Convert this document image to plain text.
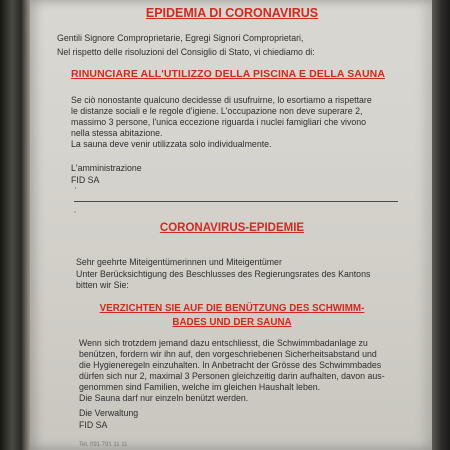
EPIDEMIA DI CORONAVIRUS
Gentili Signore Comproprietarie, Egregi Signori Comproprietari,
Nel rispetto delle risoluzioni del Consiglio di Stato, vi chiediamo di:
RINUNCIARE ALL'UTILIZZO DELLA PISCINA E DELLA SAUNA
Se ciò nonostante qualcuno decidesse di usufruirne, lo esortiamo a rispettare
le distanze sociali e le regole d'igiene. L'occupazione non deve superare 2,
massimo 3 persone, l'unica eccezione riguarda i nuclei famigliari che vivono
nella stessa abitazione.
La sauna deve venir utilizzata solo individualmente.
L'amministrazione
FID SA
′
,
CORONAVIRUS-EPIDEMIE
Sehr geehrte Miteigentümerinnen und Miteigentümer
Unter Berücksichtigung des Beschlusses des Regierungsrates des Kantons
bitten wir Sie:
VERZICHTEN SIE AUF DIE BENÜTZUNG DES SCHWIMM-
BADES UND DER SAUNA
Wenn sich trotzdem jemand dazu entschliesst, die Schwimmbadanlage zu
benützen, fordern wir ihn auf, den vorgeschriebenen Sicherheitsabstand und
die Hygieneregeln einzuhalten. In Anbetracht der Grösse des Schwimmbades
dürfen sich nur 2, maximal 3 Personen gleichzeitig darin aufhalten, davon aus-
genommen sind Familien, welche im gleichen Haushalt leben.
Die Sauna darf nur einzeln benützt werden.
Die Verwaltung
FID SA
Tel. 091 791 11 11
